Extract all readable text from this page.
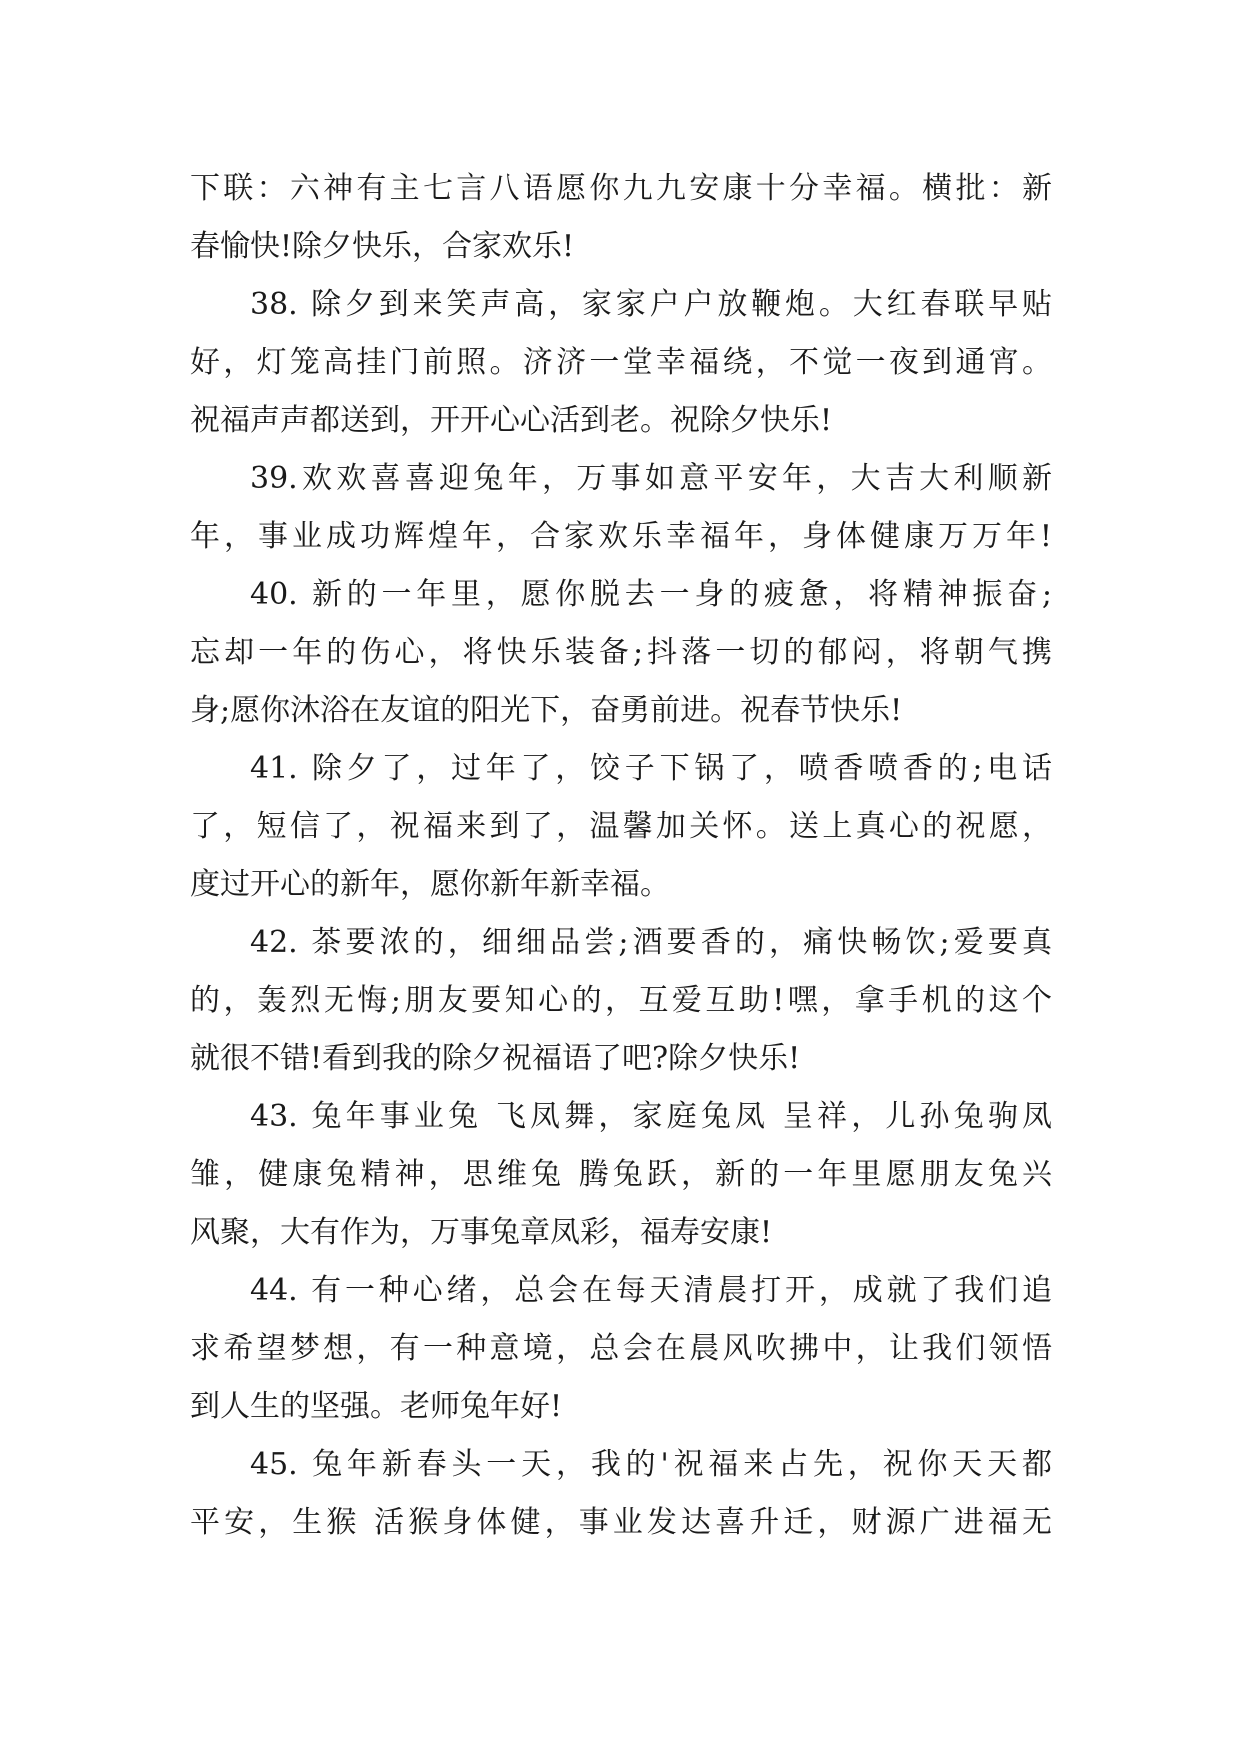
下联：六神有主七言八语愿你九九安康十分幸福。横批：新
春愉快!除夕快乐，合家欢乐!
38. 除夕到来笑声高，家家户户放鞭炮。大红春联早贴
好，灯笼高挂门前照。济济一堂幸福绕，不觉一夜到通宵。
祝福声声都送到，开开心心活到老。祝除夕快乐!
39.欢欢喜喜迎兔年，万事如意平安年，大吉大利顺新
年，事业成功辉煌年，合家欢乐幸福年，身体健康万万年!
40. 新的一年里，愿你脱去一身的疲惫，将精神振奋;
忘却一年的伤心，将快乐装备;抖落一切的郁闷，将朝气携
身;愿你沐浴在友谊的阳光下，奋勇前进。祝春节快乐!
41. 除夕了，过年了，饺子下锅了，喷香喷香的;电话
了，短信了，祝福来到了，温馨加关怀。送上真心的祝愿，
度过开心的新年，愿你新年新幸福。
42. 茶要浓的，细细品尝;酒要香的，痛快畅饮;爱要真
的，轰烈无悔;朋友要知心的，互爱互助!嘿，拿手机的这个
就很不错!看到我的除夕祝福语了吧?除夕快乐!
43. 兔年事业兔 飞凤舞，家庭兔凤 呈祥，儿孙兔驹凤
雏，健康兔精神，思维兔 腾兔跃，新的一年里愿朋友兔兴
风聚，大有作为，万事兔章凤彩，福寿安康!
44. 有一种心绪，总会在每天清晨打开，成就了我们追
求希望梦想，有一种意境，总会在晨风吹拂中，让我们领悟
到人生的坚强。老师兔年好!
45. 兔年新春头一天，我的'祝福来占先，祝你天天都
平安，生猴 活猴身体健，事业发达喜升迁，财源广进福无
